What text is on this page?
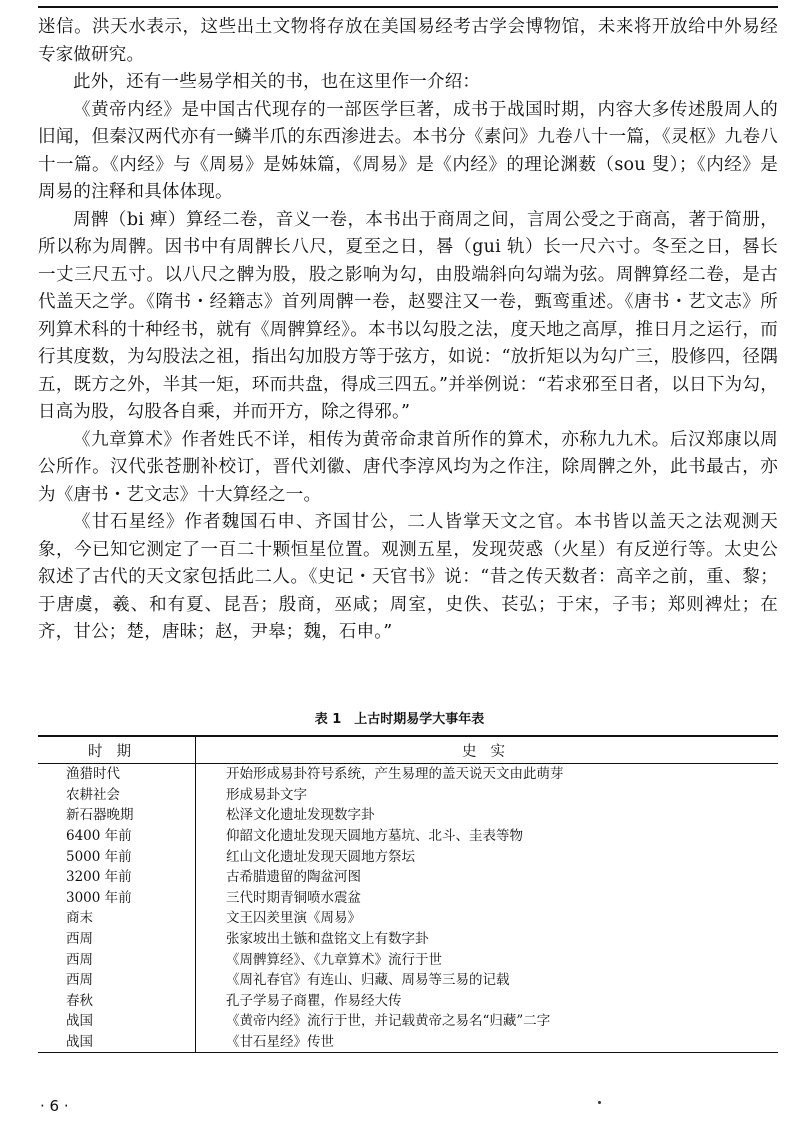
迷信。洪天水表示，这些出土文物将存放在美国易经考古学会博物馆，未来将开放给中外易经专家做研究。

此外，还有一些易学相关的书，也在这里作一介绍：

《黄帝内经》是中国古代现存的一部医学巨著，成书于战国时期，内容大多传述殷周人的旧闻，但秦汉两代亦有一鳞半爪的东西渗进去。本书分《素问》九卷八十一篇，《灵枢》九卷八十一篇。《内经》与《周易》是姊妹篇，《周易》是《内经》的理论渊薮（sou 叟）；《内经》是周易的注释和具体体现。

周髀（bi 痺）算经二卷，音义一卷，本书出于商周之间，言周公受之于商高，著于简册，所以称为周髀。因书中有周髀长八尺，夏至之日，晷（gui 轨）长一尺六寸。冬至之日，晷长一丈三尺五寸。以八尺之髀为股，股之影响为勾，由股端斜向勾端为弦。周髀算经二卷，是古代盖天之学。《隋书・经籍志》首列周髀一卷，赵婴注又一卷，甄鸾重述。《唐书・艺文志》所列算术科的十种经书，就有《周髀算经》。本书以勾股之法，度天地之高厚，推日月之运行，而行其度数，为勾股法之祖，指出勾加股方等于弦方，如说：“放折矩以为勾广三，股修四，径隅五，既方之外，半其一矩，环而共盘，得成三四五。”并举例说：“若求邪至日者，以日下为勾，日高为股，勾股各自乘，并而开方，除之得邪。”

《九章算术》作者姓氏不详，相传为黄帝命隶首所作的算术，亦称九九术。后汉郑康以周公所作。汉代张苍删补校订，晋代刘徽、唐代李淳风均为之作注，除周髀之外，此书最古，亦为《唐书・艺文志》十大算经之一。

《甘石星经》作者魏国石申、齐国甘公，二人皆掌天文之官。本书皆以盖天之法观测天象，今已知它测定了一百二十颗恒星位置。观测五星，发现荧惑（火星）有反逆行等。太史公叙述了古代的天文家包括此二人。《史记・天官书》说：“昔之传天数者：高辛之前，重、黎；于唐虞，羲、和有夏、昆吾；殷商，巫咸；周室，史佚、苌弘；于宋，子韦；郑则裨灶；在齐，甘公；楚，唐昧；赵，尹皋；魏，石申。”

表 1　上古时期易学大事年表
时期	史实
渔猎时代	开始形成易卦符号系统，产生易理的盖天说天文由此萌芽
农耕社会	形成易卦文字
新石器晚期	松泽文化遗址发现数字卦
6400 年前	仰韶文化遗址发现天圆地方墓坑、北斗、圭表等物
5000 年前	红山文化遗址发现天圆地方祭坛
3200 年前	古希腊遗留的陶盆河图
3000 年前	三代时期青铜喷水震盆
商末	文王囚羑里演《周易》
西周	张家坡出土镞和盘铭文上有数字卦
西周	《周髀算经》、《九章算术》流行于世
西周	《周礼春官》有连山、归藏、周易等三易的记载
春秋	孔子学易子商瞿，作易经大传
战国	《黄帝内经》流行于世，并记载黄帝之易名“归藏”二字
战国	《甘石星经》传世
· 6 ·
